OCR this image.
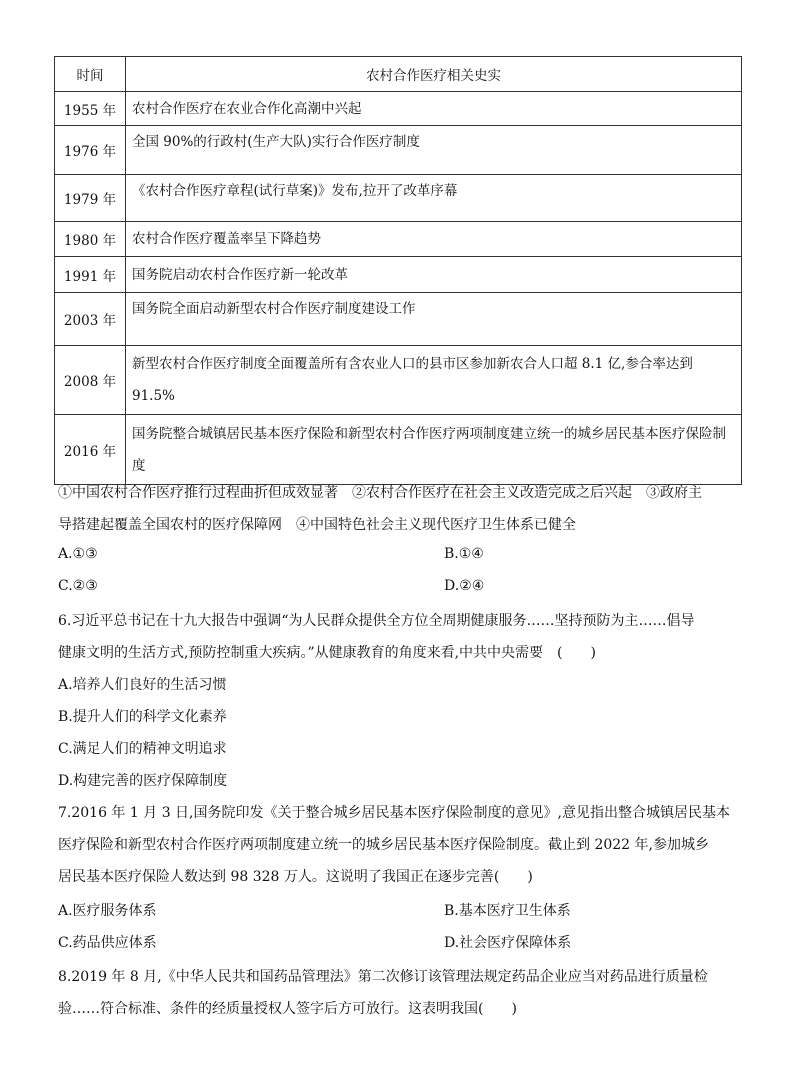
时间	农村合作医疗相关史实
1955 年	农村合作医疗在农业合作化高潮中兴起
1976 年	全国 90%的行政村(生产大队)实行合作医疗制度
1979 年	《农村合作医疗章程(试行草案)》发布,拉开了改革序幕
1980 年	农村合作医疗覆盖率呈下降趋势
1991 年	国务院启动农村合作医疗新一轮改革
2003 年	国务院全面启动新型农村合作医疗制度建设工作
2008 年	新型农村合作医疗制度全面覆盖所有含农业人口的县市区参加新农合人口超 8.1 亿,参合率达到 91.5%
2016 年	国务院整合城镇居民基本医疗保险和新型农村合作医疗两项制度建立统一的城乡居民基本医疗保险制度
①中国农村合作医疗推行过程曲折但成效显著　②农村合作医疗在社会主义改造完成之后兴起　③政府主
导搭建起覆盖全国农村的医疗保障网　④中国特色社会主义现代医疗卫生体系已健全
A.①③	B.①④
C.②③	D.②④
6.习近平总书记在十九大报告中强调“为人民群众提供全方位全周期健康服务……坚持预防为主……倡导
健康文明的生活方式,预防控制重大疾病。”从健康教育的角度来看,中共中央需要　(　　)
A.培养人们良好的生活习惯
B.提升人们的科学文化素养
C.满足人们的精神文明追求
D.构建完善的医疗保障制度
7.2016 年 1 月 3 日,国务院印发《关于整合城乡居民基本医疗保险制度的意见》,意见指出整合城镇居民基本
医疗保险和新型农村合作医疗两项制度建立统一的城乡居民基本医疗保险制度。截止到 2022 年,参加城乡
居民基本医疗保险人数达到 98 328 万人。这说明了我国正在逐步完善(　　)
A.医疗服务体系	B.基本医疗卫生体系
C.药品供应体系	D.社会医疗保障体系
8.2019 年 8 月,《中华人民共和国药品管理法》第二次修订该管理法规定药品企业应当对药品进行质量检
验……符合标准、条件的经质量授权人签字后方可放行。这表明我国(　　)
